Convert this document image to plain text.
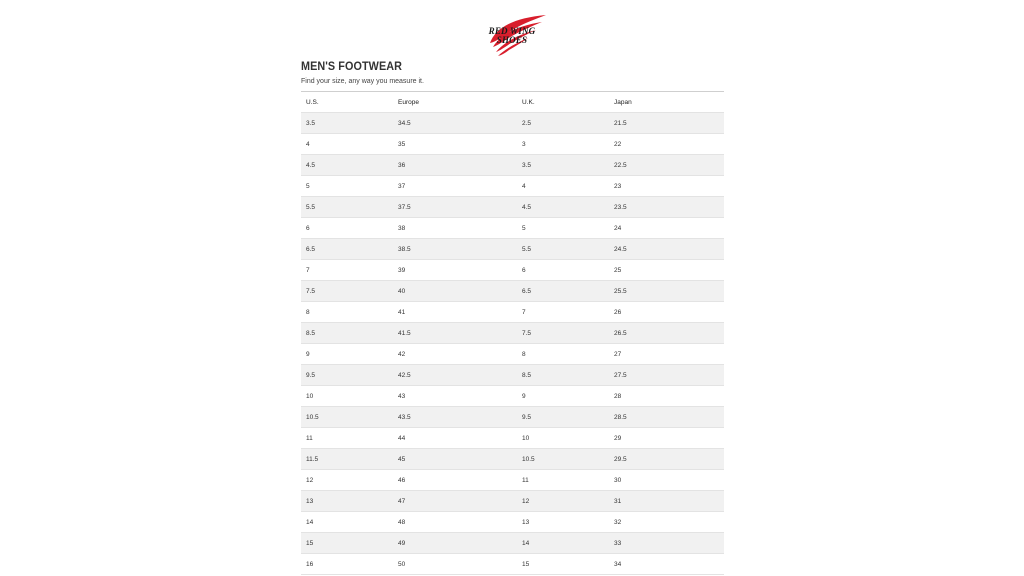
RED WING
SHOES
MEN'S FOOTWEAR
Find your size, any way you measure it.
U.S.	Europe	U.K.	Japan
3.5	34.5	2.5	21.5
4	35	3	22
4.5	36	3.5	22.5
5	37	4	23
5.5	37.5	4.5	23.5
6	38	5	24
6.5	38.5	5.5	24.5
7	39	6	25
7.5	40	6.5	25.5
8	41	7	26
8.5	41.5	7.5	26.5
9	42	8	27
9.5	42.5	8.5	27.5
10	43	9	28
10.5	43.5	9.5	28.5
11	44	10	29
11.5	45	10.5	29.5
12	46	11	30
13	47	12	31
14	48	13	32
15	49	14	33
16	50	15	34
